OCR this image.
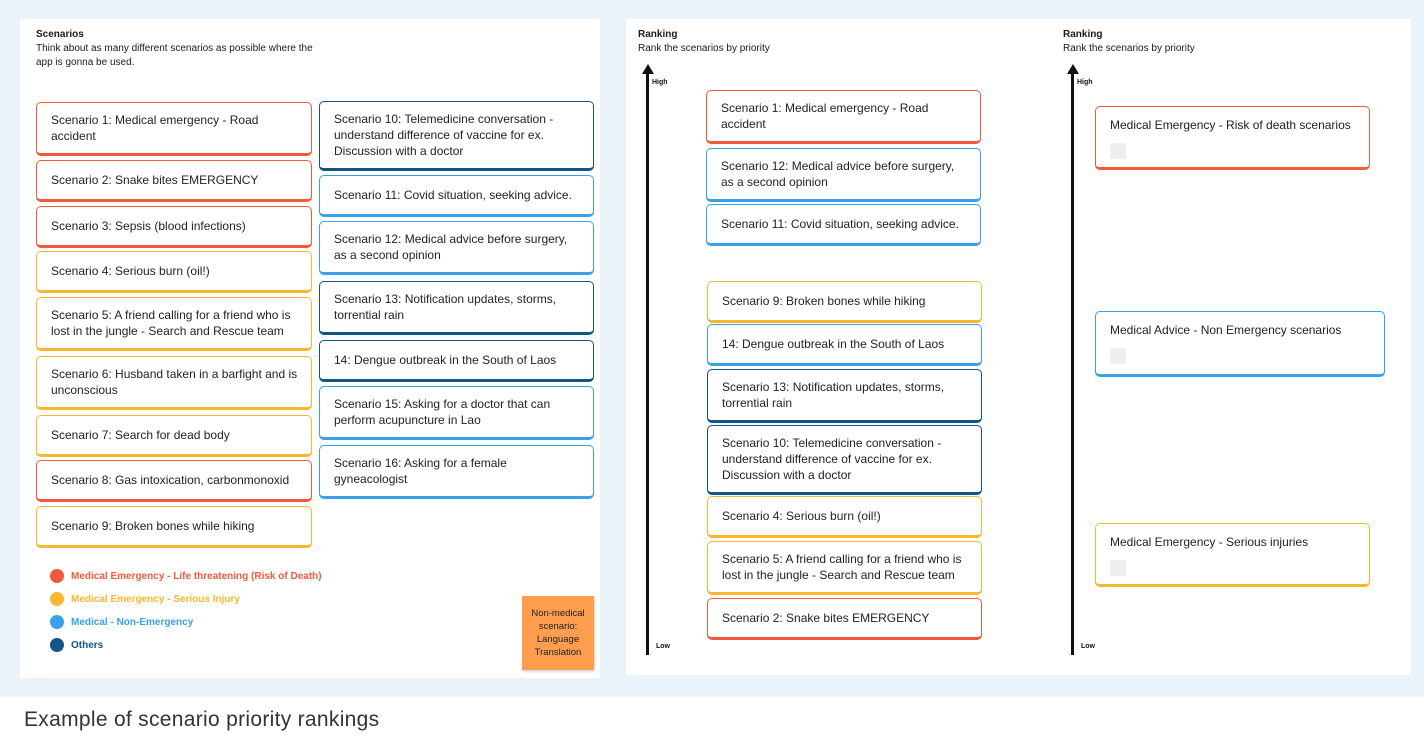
Scenarios
Think about as many different scenarios as possible where the app is gonna be used.
Scenario 1: Medical emergency - Road accident
Scenario 2: Snake bites EMERGENCY
Scenario 3: Sepsis (blood infections)
Scenario 4: Serious burn (oil!)
Scenario 5: A friend calling for a friend who is lost in the jungle - Search and Rescue team
Scenario 6: Husband taken in a barfight and is unconscious
Scenario 7: Search for dead body
Scenario 8: Gas intoxication, carbonmonoxid
Scenario 9: Broken bones while hiking
Scenario 10: Telemedicine conversation - understand difference of vaccine for ex. Discussion with a doctor
Scenario 11: Covid situation, seeking advice.
Scenario 12: Medical advice before surgery, as a second opinion
Scenario 13: Notification updates, storms, torrential rain
14: Dengue outbreak in the South of Laos
Scenario 15: Asking for a doctor that can perform acupuncture in Lao
Scenario 16: Asking for a female gyneacologist
Medical Emergency - Life threatening (Risk of Death)
Medical Emergency - Serious Injury
Medical - Non-Emergency
Others
Non-medical scenario: Language Translation
Ranking
Rank the scenarios by priority
High
Low
Scenario 1: Medical emergency - Road accident
Scenario 12: Medical advice before surgery, as a second opinion
Scenario 11: Covid situation, seeking advice.
Scenario 9: Broken bones while hiking
14: Dengue outbreak in the South of Laos
Scenario 13: Notification updates, storms, torrential rain
Scenario 10: Telemedicine conversation - understand difference of vaccine for ex. Discussion with a doctor
Scenario 4: Serious burn (oil!)
Scenario 5: A friend calling for a friend who is lost in the jungle - Search and Rescue team
Scenario 2: Snake bites EMERGENCY
Ranking
Rank the scenarios by priority
High
Low
Medical Emergency - Risk of death scenarios
Medical Advice - Non Emergency scenarios
Medical Emergency - Serious injuries
Example of scenario priority rankings
